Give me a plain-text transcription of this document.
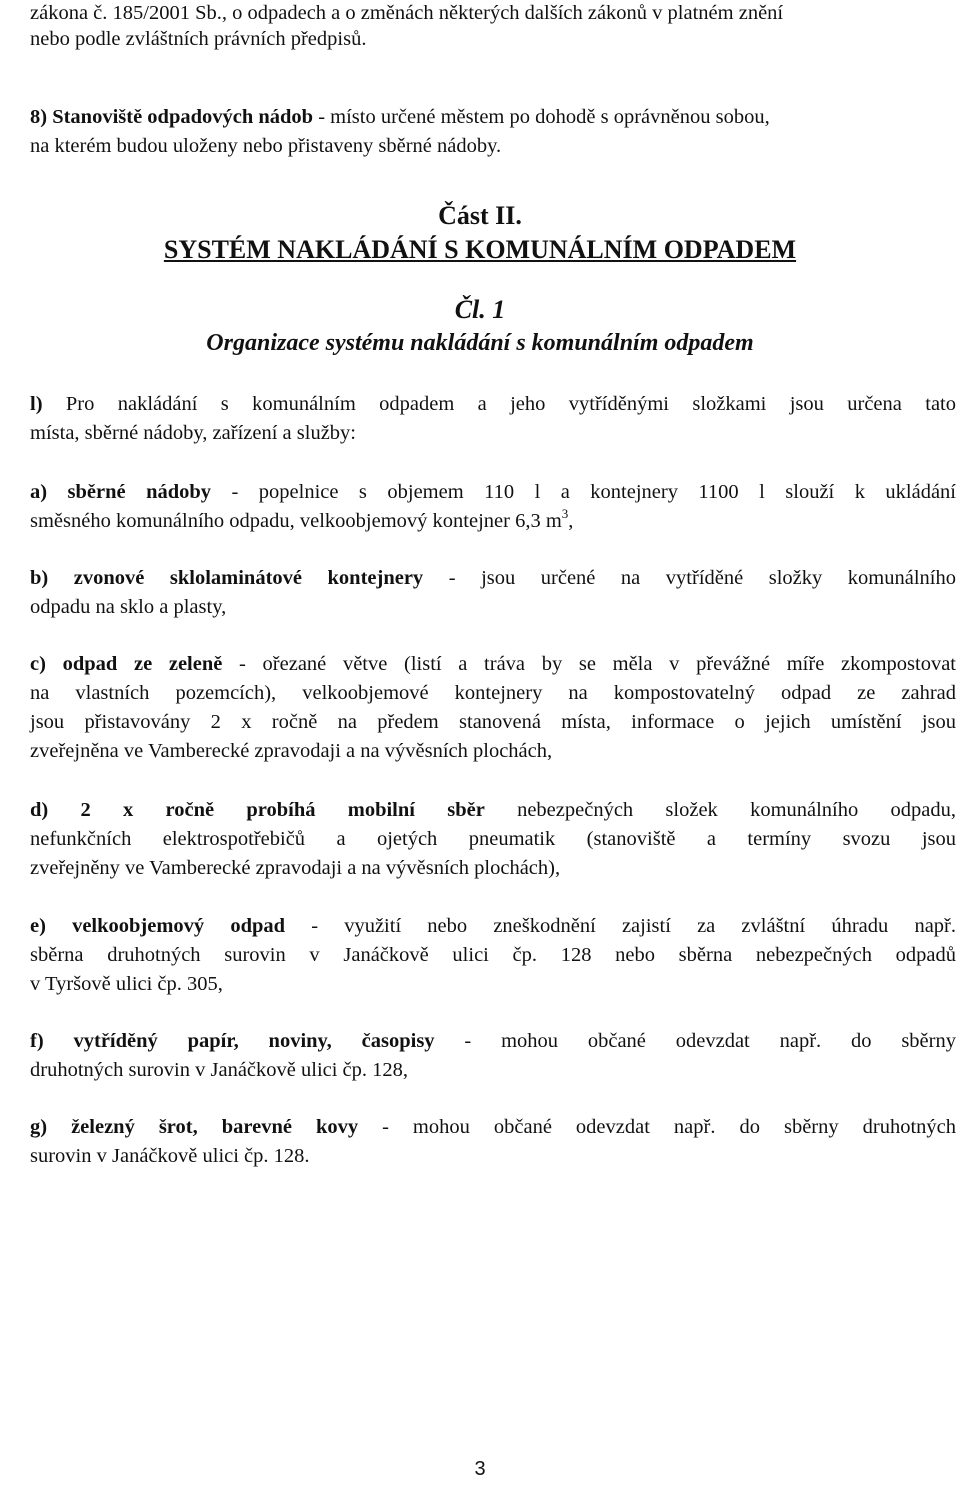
zákona č. 185/2001 Sb., o odpadech a o změnách některých dalších zákonů v platném znění
nebo podle zvláštních právních předpisů.
8) Stanoviště odpadových nádob - místo určené městem po dohodě s oprávněnou sobou,
na kterém budou uloženy nebo přistaveny sběrné nádoby.
Část II.
SYSTÉM NAKLÁDÁNÍ S KOMUNÁLNÍM ODPADEM
Čl. 1
Organizace systému nakládání s komunálním odpadem
l) Pro nakládání s komunálním odpadem a jeho vytříděnými složkami jsou určena tato
místa, sběrné nádoby, zařízení a služby:
a) sběrné nádoby - popelnice s objemem 110 l a kontejnery 1100 l slouží k ukládání
směsného komunálního odpadu, velkoobjemový kontejner 6,3 $m^3$,
b) zvonové sklolaminátové kontejnery - jsou určené na vytříděné složky komunálního
odpadu na sklo a plasty,
c) odpad ze zeleně - ořezané větve (listí a tráva by se měla v převážné míře zkompostovat
na vlastních pozemcích), velkoobjemové kontejnery na kompostovatelný odpad ze zahrad
jsou přistavovány 2 x ročně na předem stanovená místa, informace o jejich umístění jsou
zveřejněna ve Vamberecké zpravodaji a na vývěsních plochách,
d) 2 x ročně probíhá mobilní sběr nebezpečných složek komunálního odpadu,
nefunkčních elektrospotřebičů a ojetých pneumatik (stanoviště a termíny svozu jsou
zveřejněny ve Vamberecké zpravodaji a na vývěsních plochách),
e) velkoobjemový odpad - využití nebo zneškodnění zajistí za zvláštní úhradu např.
sběrna druhotných surovin v Janáčkově ulici čp. 128 nebo sběrna nebezpečných odpadů
v Tyršově ulici čp. 305,
f) vytříděný papír, noviny, časopisy - mohou občané odevzdat např. do sběrny
druhotných surovin v Janáčkově ulici čp. 128,
g) železný šrot, barevné kovy - mohou občané odevzdat např. do sběrny druhotných
surovin v Janáčkově ulici čp. 128.
3
